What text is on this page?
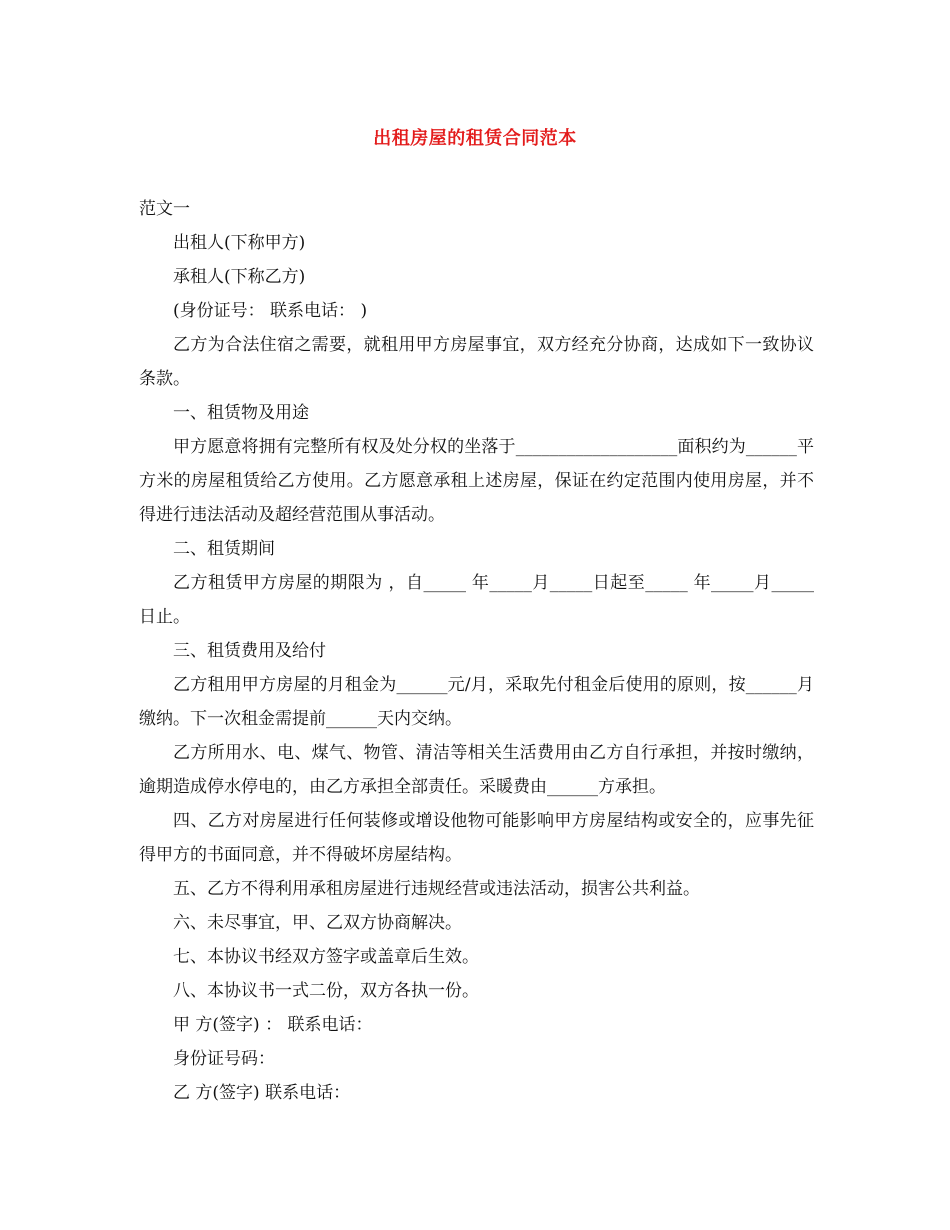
出租房屋的租赁合同范本

范文一

出租人(下称甲方)

承租人(下称乙方)

(身份证号： 联系电话： )

乙方为合法住宿之需要，就租用甲方房屋事宜，双方经充分协商，达成如下一致协议条款。

一、租赁物及用途

甲方愿意将拥有完整所有权及处分权的坐落于___________________面积约为______平方米的房屋租赁给乙方使用。乙方愿意承租上述房屋，保证在约定范围内使用房屋，并不得进行违法活动及超经营范围从事活动。

二、租赁期间

乙方租赁甲方房屋的期限为 ，自_____ 年_____月_____日起至_____ 年_____月_____日止。

三、租赁费用及给付

乙方租用甲方房屋的月租金为______元/月，采取先付租金后使用的原则，按______月缴纳。下一次租金需提前______天内交纳。

乙方所用水、电、煤气、物管、清洁等相关生活费用由乙方自行承担，并按时缴纳，逾期造成停水停电的，由乙方承担全部责任。采暖费由______方承担。

四、乙方对房屋进行任何装修或增设他物可能影响甲方房屋结构或安全的，应事先征得甲方的书面同意，并不得破坏房屋结构。

五、乙方不得利用承租房屋进行违规经营或违法活动，损害公共利益。

六、未尽事宜，甲、乙双方协商解决。

七、本协议书经双方签字或盖章后生效。

八、本协议书一式二份，双方各执一份。

甲 方(签字) ： 联系电话：

身份证号码：

乙 方(签字) 联系电话：
